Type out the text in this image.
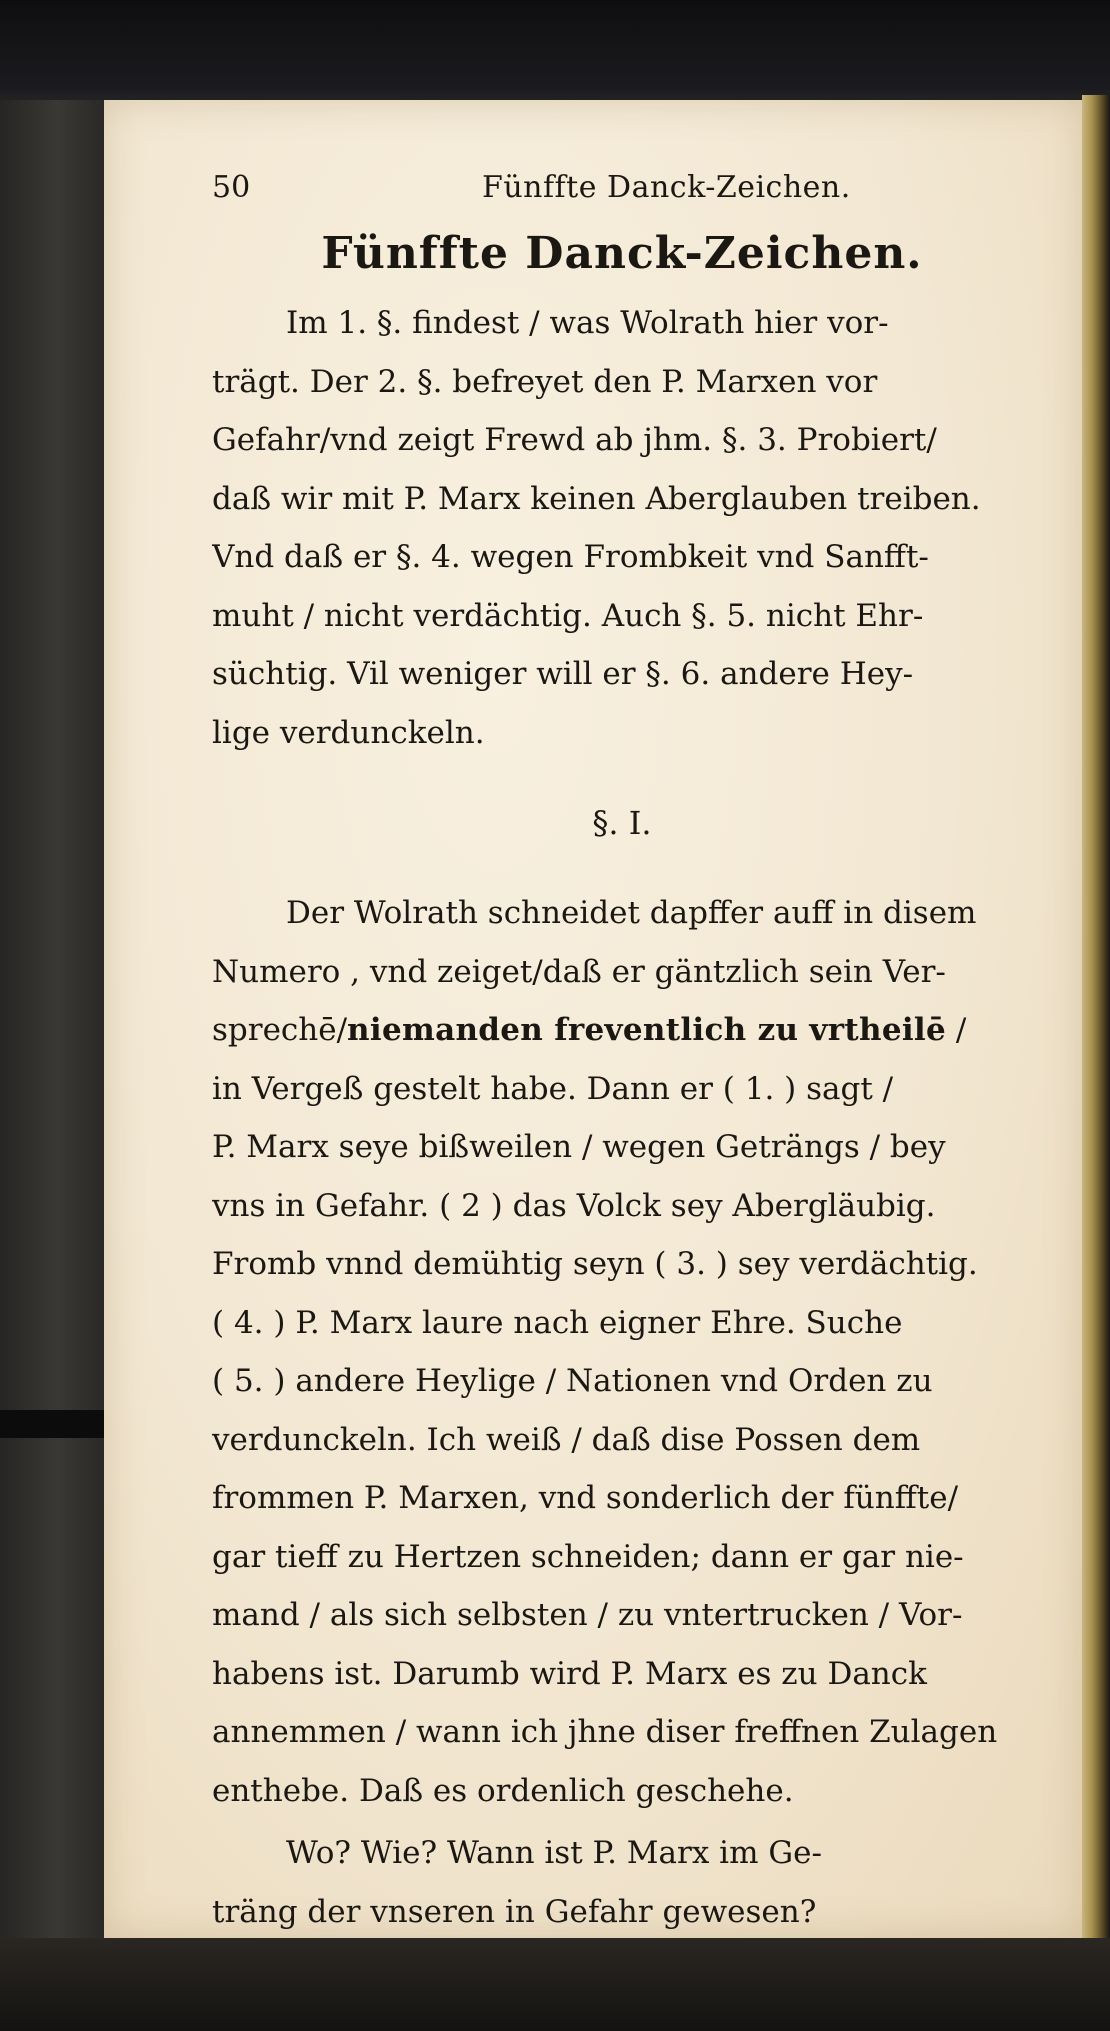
50	Fünffte Danck-Zeichen.
Fünffte Danck-Zeichen.
Im 1. §. findest / was Wolrath hier vor-
trägt. Der 2. §. befreyet den P. Marxen vor
Gefahr/vnd zeigt Frewd ab jhm. §. 3. Probiert/
daß wir mit P. Marx keinen Aberglauben treiben.
Vnd daß er §. 4. wegen Frombkeit vnd Sanfft-
muht / nicht verdächtig. Auch §. 5. nicht Ehr-
süchtig. Vil weniger will er §. 6. andere Hey-
lige verdunckeln.
§. I.
Der Wolrath schneidet dapffer auff in disem
Numero , vnd zeiget/daß er gäntzlich sein Ver-
sprechē/niemanden freventlich zu vrtheilē /
in Vergeß gestelt habe. Dann er ( 1. ) sagt /
P. Marx seye bißweilen / wegen Geträngs / bey
vns in Gefahr. ( 2 ) das Volck sey Abergläubig.
Fromb vnnd demühtig seyn ( 3. ) sey verdächtig.
( 4. ) P. Marx laure nach eigner Ehre. Suche
( 5. ) andere Heylige / Nationen vnd Orden zu
verdunckeln. Ich weiß / daß dise Possen dem
frommen P. Marxen, vnd sonderlich der fünffte/
gar tieff zu Hertzen schneiden; dann er gar nie-
mand / als sich selbsten / zu vntertrucken / Vor-
habens ist. Darumb wird P. Marx es zu Danck
annemmen / wann ich jhne diser freffnen Zulagen
enthebe. Daß es ordenlich geschehe.
Wo? Wie? Wann ist P. Marx im Ge-
träng der vnseren in Gefahr gewesen?
